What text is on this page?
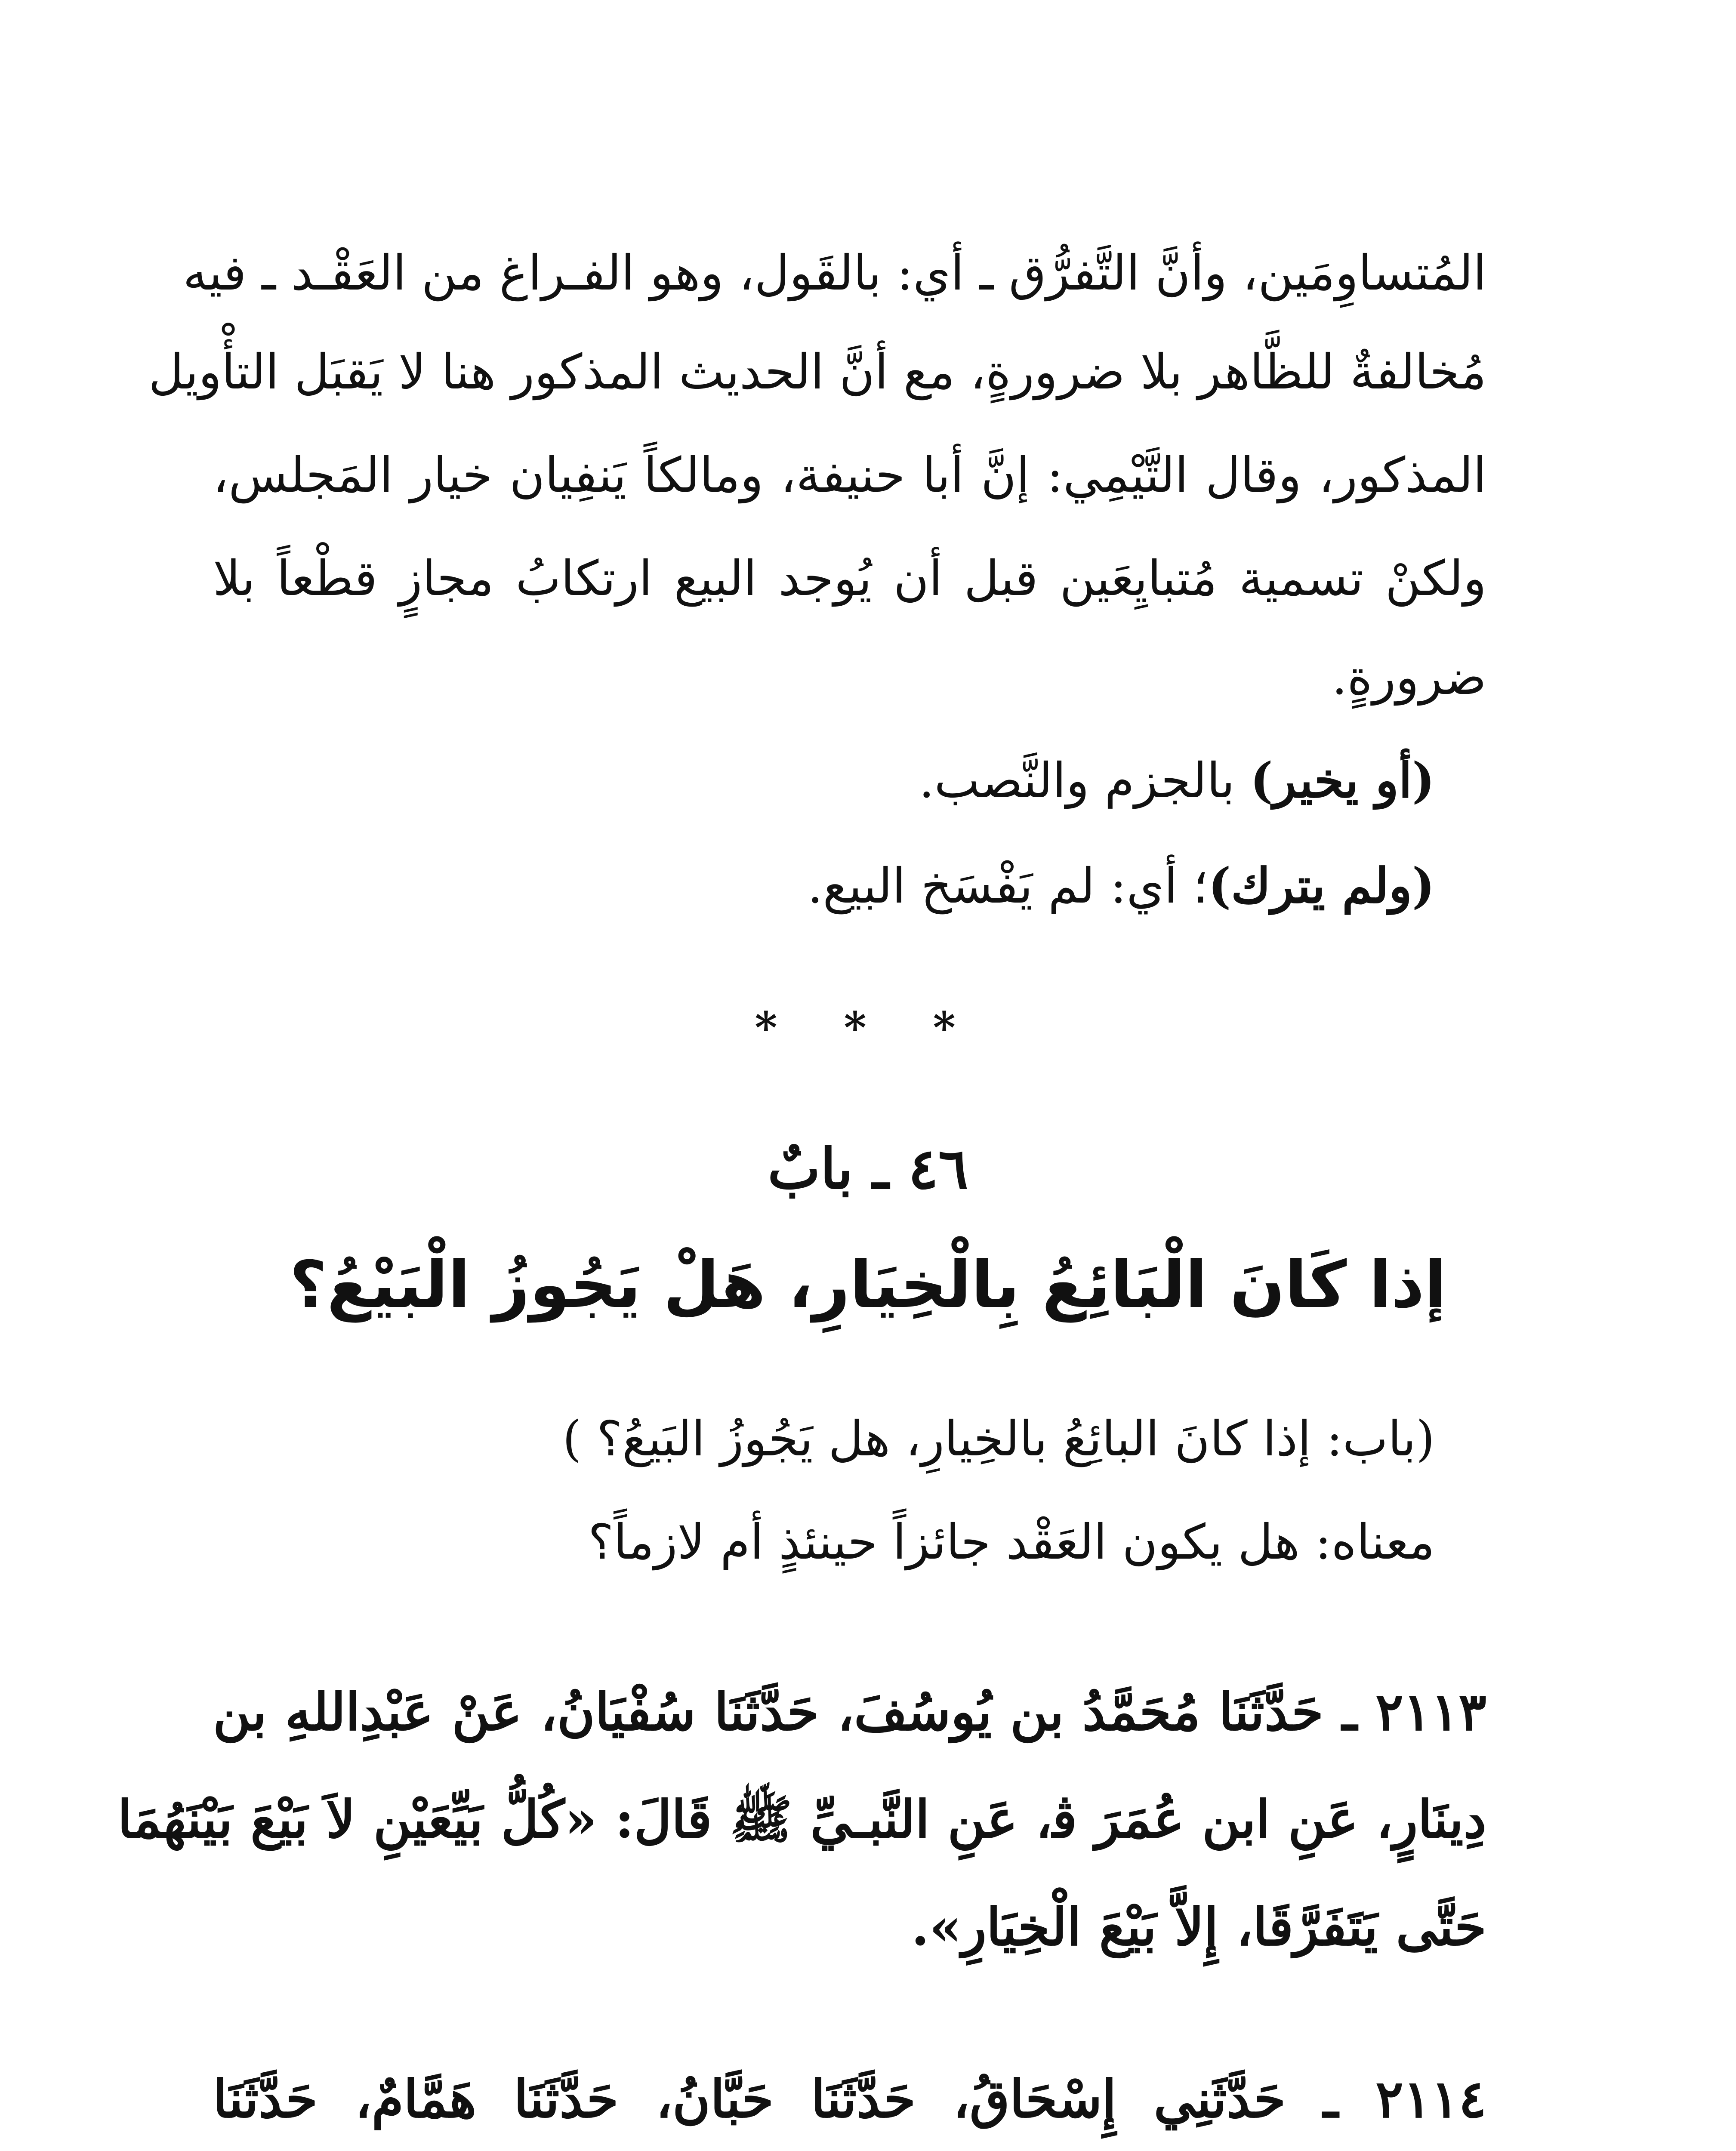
المُتساوِمَين، وأنَّ التَّفرُّق ـ أي: بالقَول، وهو الفـراغ من العَقْـد ـ فيه
مُخالفةٌ للظَّاهر بلا ضرورةٍ، مع أنَّ الحديث المذكور هنا لا يَقبَل التأْويل
المذكور، وقال التَّيْمِي: إنَّ أبا حنيفة، ومالكاً يَنفِيان خيار المَجلس،
ولكنْ تسمية مُتبايِعَين قبل أن يُوجد البيع ارتكابُ مجازٍ قطْعاً بلا
ضرورةٍ.
(أو يخير) بالجزم والنَّصب.
(ولم يترك)؛ أي: لم يَفْسَخ البيع.
* * *
٤٦ ـ بابٌ
إذا كَانَ الْبَائِعُ بِالْخِيَارِ، هَلْ يَجُوزُ الْبَيْعُ؟
(باب: إذا كانَ البائِعُ بالخِيارِ، هل يَجُوزُ البَيعُ؟ )
معناه: هل يكون العَقْد جائزاً حينئذٍ أم لازماً؟
٢١١٣ ـ حَدَّثَنَا مُحَمَّدُ بن يُوسُفَ، حَدَّثَنَا سُفْيَانُ، عَنْ عَبْدِاللهِ بن
دِينَارٍ، عَنِ ابن عُمَرَ ﭬ، عَنِ النَّبـيِّ ﷺ قَالَ: «كُلُّ بَيِّعَيْنِ لاَ بَيْعَ بَيْنَهُمَا
حَتَّى يَتَفَرَّقَا، إِلاَّ بَيْعَ الْخِيَارِ».
٢١١٤ ـ حَدَّثَنِي إِسْحَاقُ، حَدَّثَنَا حَبَّانُ، حَدَّثَنَا هَمَّامٌ، حَدَّثَنَا
